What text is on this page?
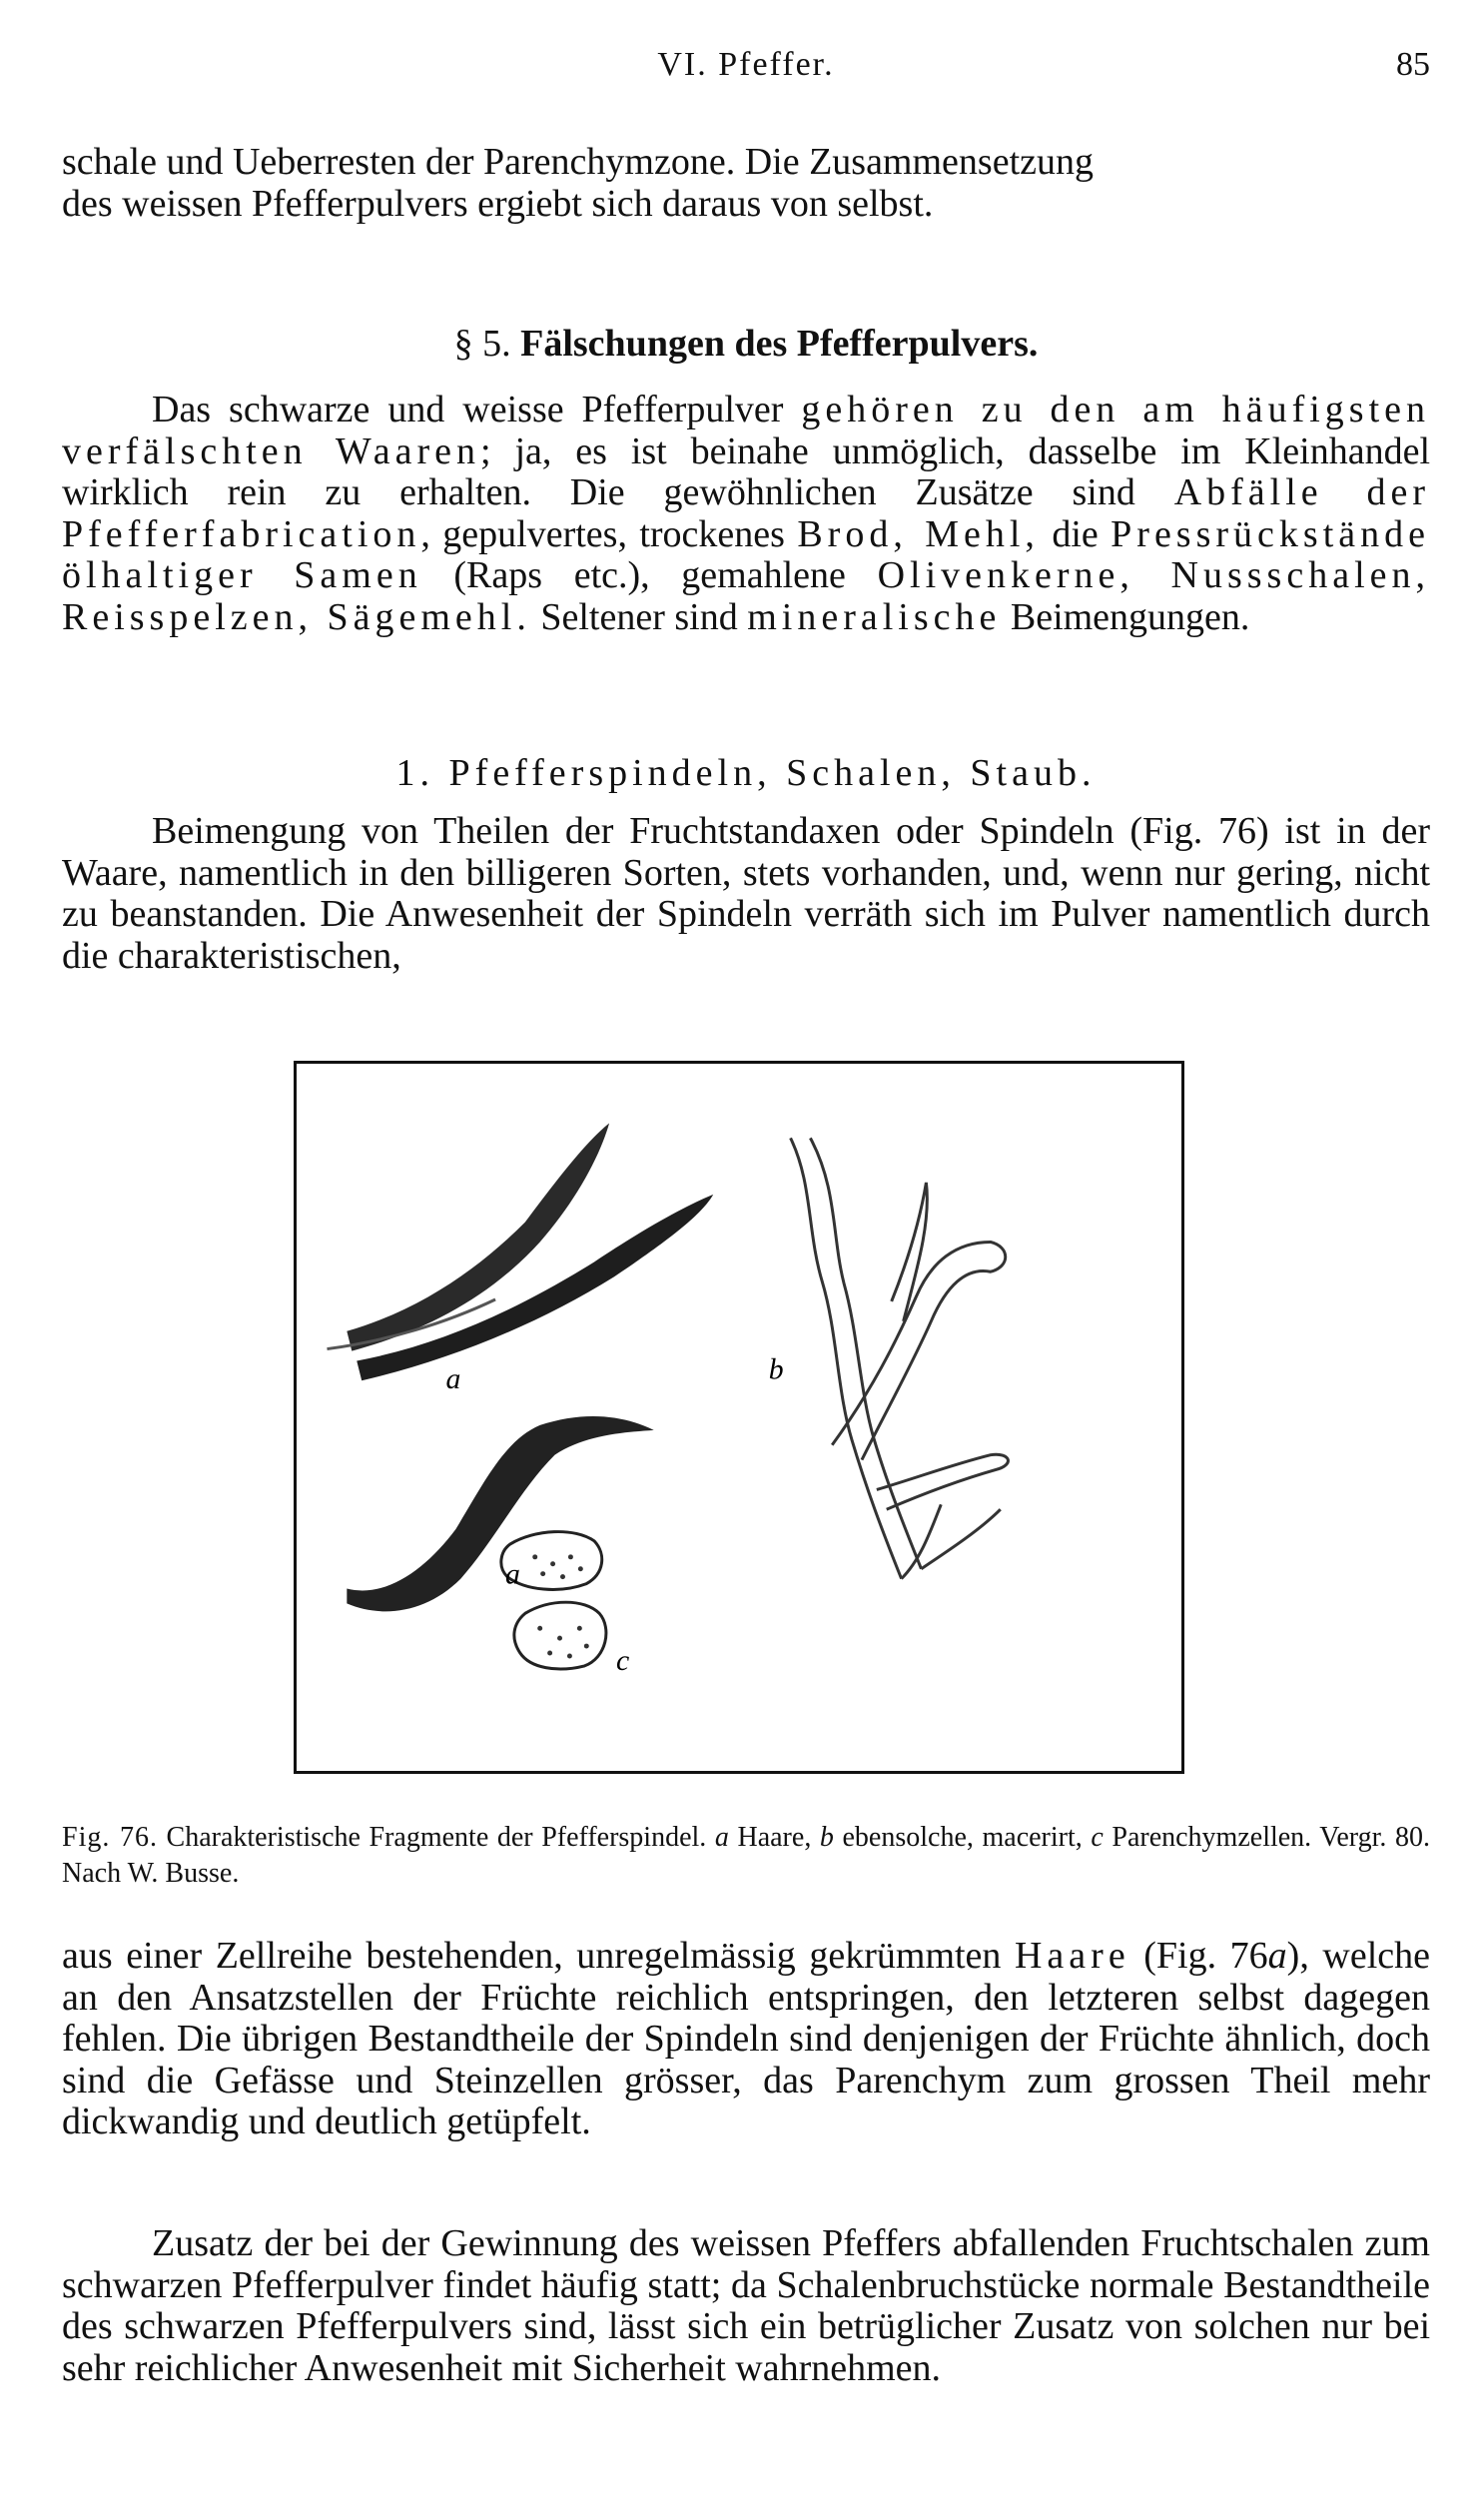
VI. Pfeffer.	85

schale und Ueberresten der Parenchymzone. Die Zusammensetzung

des weissen Pfefferpulvers ergiebt sich daraus von selbst.

§ 5. Fälschungen des Pfefferpulvers.

Das schwarze und weisse Pfefferpulver gehören zu den am häufigsten verfälschten Waaren; ja, es ist beinahe unmöglich, dasselbe im Kleinhandel wirklich rein zu erhalten. Die gewöhnlichen Zusätze sind Abfälle der Pfefferfabrication, gepulvertes, trockenes Brod, Mehl, die Pressrückstände ölhaltiger Samen (Raps etc.), gemahlene Olivenkerne, Nussschalen, Reisspelzen, Sägemehl. Seltener sind mineralische Beimengungen.

1. Pfefferspindeln, Schalen, Staub.

Beimengung von Theilen der Fruchtstandaxen oder Spindeln (Fig. 76) ist in der Waare, namentlich in den billigeren Sorten, stets vorhanden, und, wenn nur gering, nicht zu beanstanden. Die Anwesenheit der Spindeln verräth sich im Pulver namentlich durch die charakteristischen,

a	b
a
c
Fig. 76. Charakteristische Fragmente der Pfefferspindel. a Haare, b ebensolche, macerirt, c Parenchymzellen. Vergr. 80. Nach W. Busse.

aus einer Zellreihe bestehenden, unregelmässig gekrümmten Haare (Fig. 76a), welche an den Ansatzstellen der Früchte reichlich entspringen, den letzteren selbst dagegen fehlen. Die übrigen Bestandtheile der Spindeln sind denjenigen der Früchte ähnlich, doch sind die Gefässe und Steinzellen grösser, das Parenchym zum grossen Theil mehr dickwandig und deutlich getüpfelt.

Zusatz der bei der Gewinnung des weissen Pfeffers abfallenden Fruchtschalen zum schwarzen Pfefferpulver findet häufig statt; da Schalenbruchstücke normale Bestandtheile des schwarzen Pfefferpulvers sind, lässt sich ein betrüglicher Zusatz von solchen nur bei sehr reichlicher Anwesenheit mit Sicherheit wahrnehmen.
